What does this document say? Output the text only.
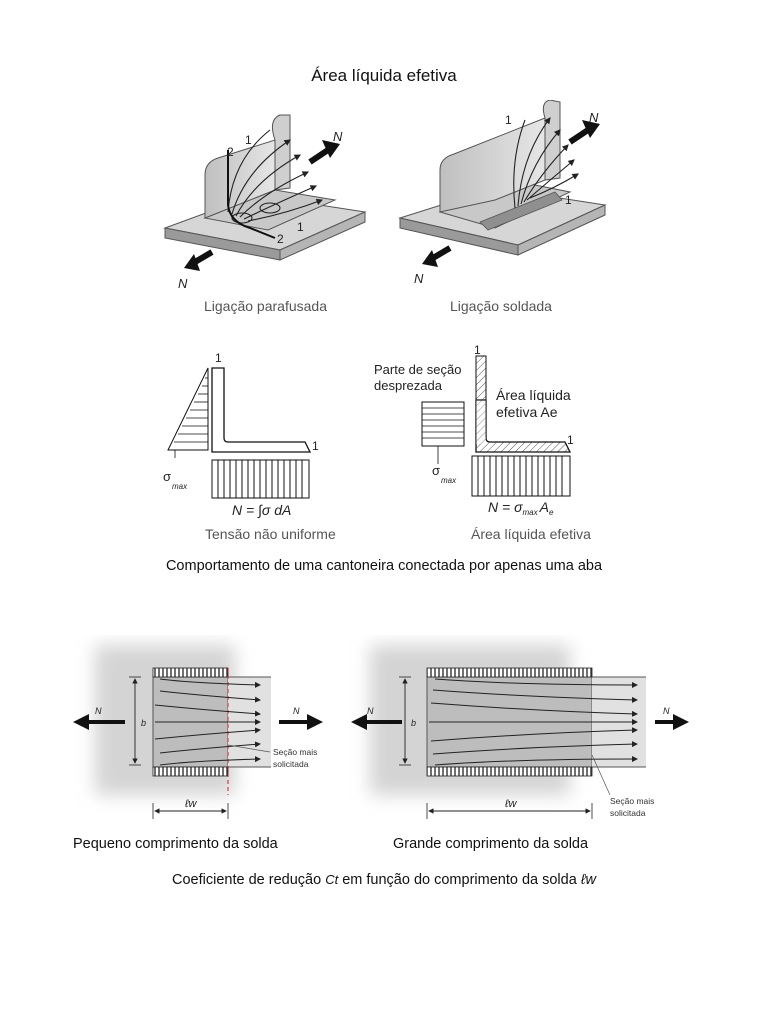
Área líquida efetiva
2
1
1
2
N
N
1
1
N
N
Ligação parafusada	Ligação soldada
1
1
σ
max
N = ∫σ dA
Tensão não uniforme
1
1
Parte de seção
desprezada
Área líquida
efetiva Ae
σ
max
$N = \sigma_{max}$ $A_e$
Área líquida efetiva
Comportamento de uma cantoneira conectada por apenas uma aba
N	N
b
ℓw
Seção mais
solicitada
N	N
b
ℓw	Seção mais
solicitada
Pequeno comprimento da solda	Grande comprimento da solda
Coeficiente de redução Ct em função do comprimento da solda ℓw
